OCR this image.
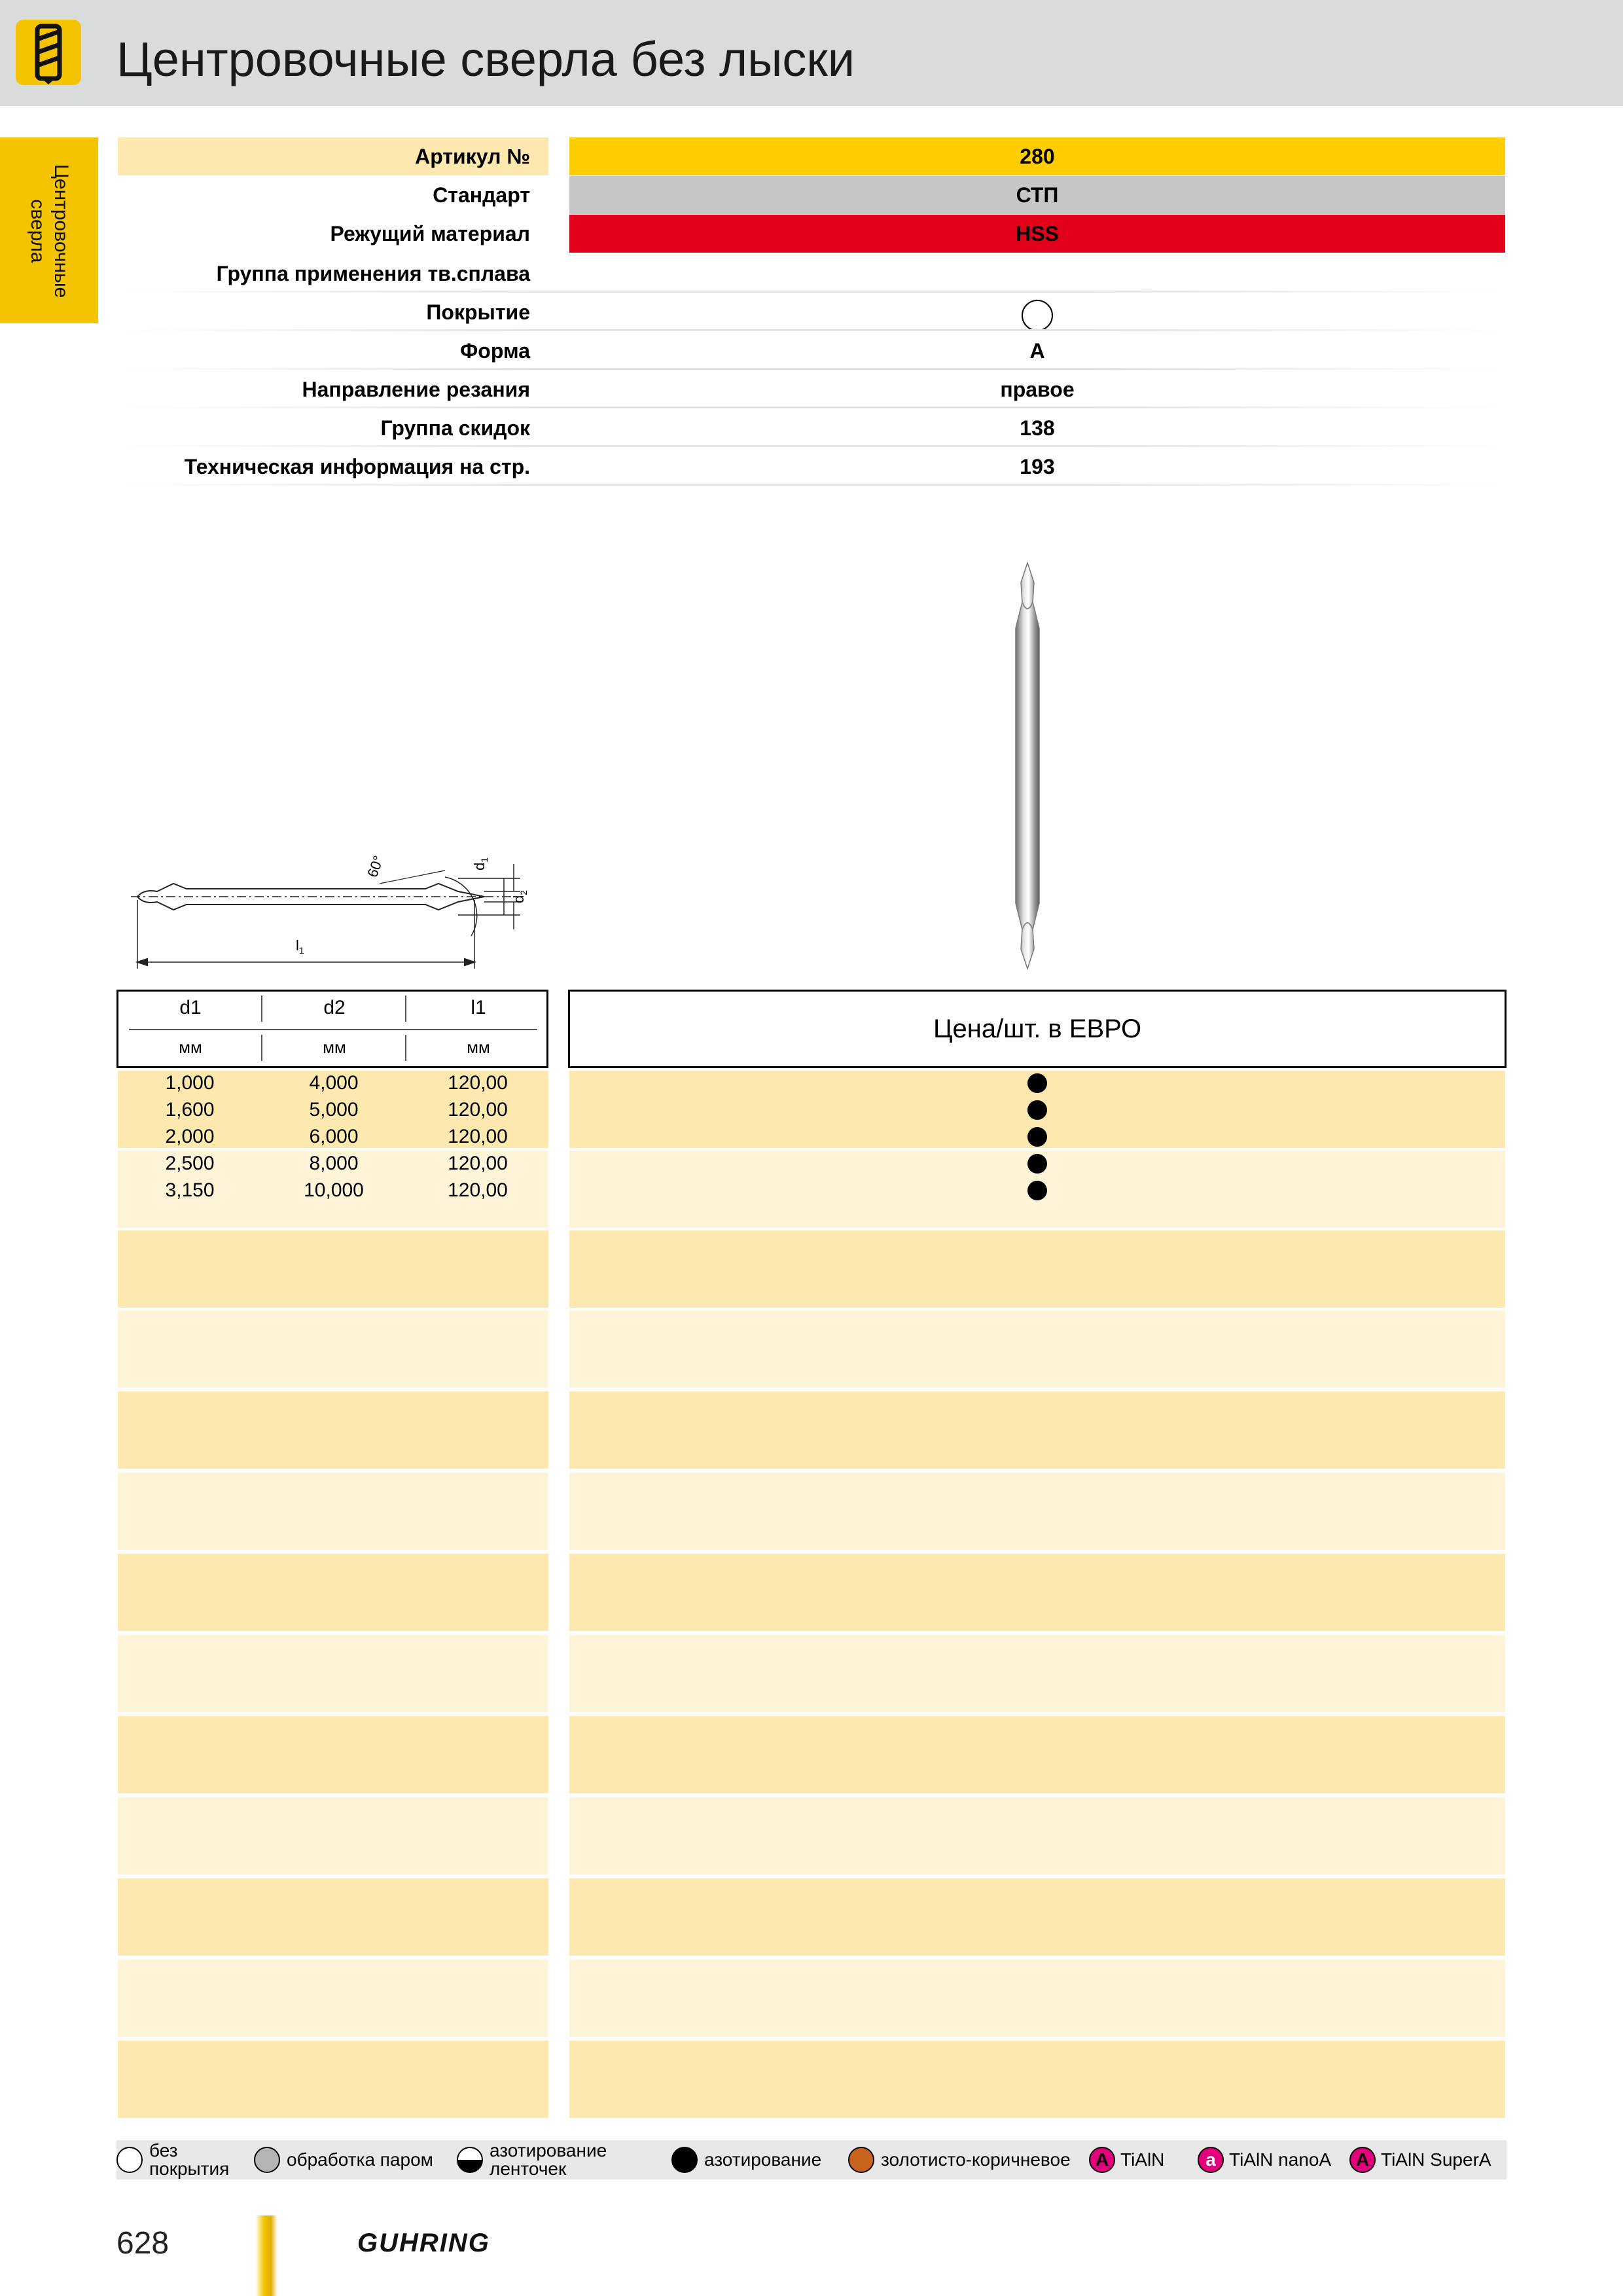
Центровочные сверла без лыски
Центровочные
сверла
Артикул №	280
Стандарт	СТП
Режущий материал	HSS
Группа применения тв.сплава
Покрытие
Форма	A
Направление резания	правое
Группа скидок	138
Техническая информация на стр.	193
60°
$l_1$
$d_1$
$d_2$
d1	d2	l1
мм	мм	мм
Цена/шт. в ЕВРО
1,000	4,000	120,00
1,600	5,000	120,00
2,000	6,000	120,00
2,500	8,000	120,00
3,150	10,000	120,00
без
покрытия	обработка паром	азотирование
ленточек	азотирование	золотисто-коричневое	A TiAlN	a TiAlN nanoA	A TiAlN SuperA
628	GUHRING
